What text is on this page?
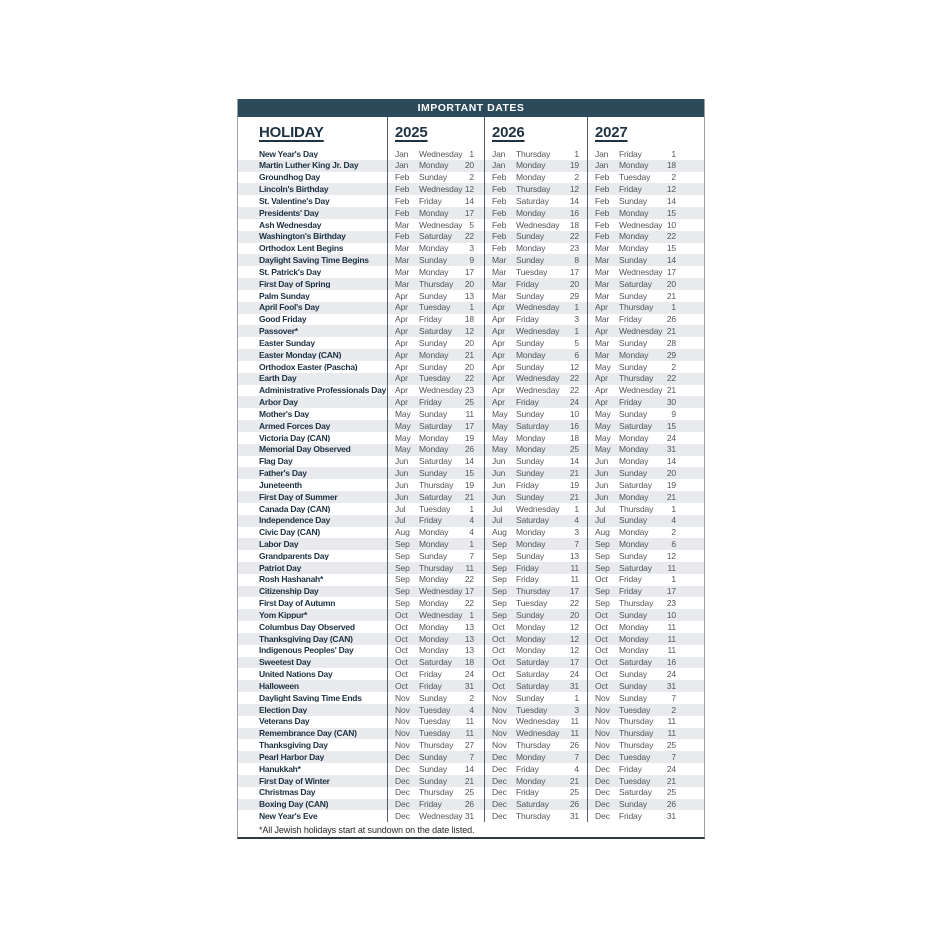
IMPORTANT DATES
HOLIDAY	2025	2026	2027
New Year's Day	Jan	Wednesday 1	Jan	Thursday	1	Jan	Friday	1
Martin Luther King Jr. Day	Jan	Monday	20	Jan	Monday	19	Jan	Monday	18
Groundhog Day	Feb	Sunday	2	Feb	Monday	2	Feb	Tuesday	2
Lincoln's Birthday	Feb	Wednesday 12	Feb	Thursday	12	Feb	Friday	12
St. Valentine's Day	Feb	Friday	14	Feb	Saturday	14	Feb	Sunday	14
Presidents' Day	Feb	Monday	17	Feb	Monday	16	Feb	Monday	15
Ash Wednesday	Mar	Wednesday 5	Feb	Wednesday	18	Feb	Wednesday 10
Washington's Birthday	Feb	Saturday	22	Feb	Sunday	22	Feb	Monday	22
Orthodox Lent Begins	Mar	Monday	3	Feb	Monday	23	Mar	Monday	15
Daylight Saving Time Begins	Mar	Sunday	9	Mar	Sunday	8	Mar	Sunday	14
St. Patrick's Day	Mar	Monday	17	Mar	Tuesday	17	Mar	Wednesday 17
First Day of Spring	Mar	Thursday	20	Mar	Friday	20	Mar	Saturday	20
Palm Sunday	Apr	Sunday	13	Mar	Sunday	29	Mar	Sunday	21
April Fool's Day	Apr	Tuesday	1	Apr	Wednesday	1	Apr	Thursday	1
Good Friday	Apr	Friday	18	Apr	Friday	3	Mar	Friday	26
Passover*	Apr	Saturday	12	Apr	Wednesday	1	Apr	Wednesday 21
Easter Sunday	Apr	Sunday	20	Apr	Sunday	5	Mar	Sunday	28
Easter Monday (CAN)	Apr	Monday	21	Apr	Monday	6	Mar	Monday	29
Orthodox Easter (Pascha)	Apr	Sunday	20	Apr	Sunday	12	May Sunday	2
Earth Day	Apr	Tuesday	22	Apr	Wednesday	22	Apr	Thursday	22
Administrative Professionals Day	Apr	Wednesday 23	Apr	Wednesday	22	Apr	Wednesday 21
Arbor Day	Apr	Friday	25	Apr	Friday	24	Apr	Friday	30
Mother's Day	May Sunday	11	May Sunday	10	May Sunday	9
Armed Forces Day	May Saturday	17	May Saturday	16	May Saturday	15
Victoria Day (CAN)	May Monday	19	May Monday	18	May Monday	24
Memorial Day Observed	May Monday	26	May Monday	25	May Monday	31
Flag Day	Jun	Saturday	14	Jun	Sunday	14	Jun	Monday	14
Father's Day	Jun	Sunday	15	Jun	Sunday	21	Jun	Sunday	20
Juneteenth	Jun	Thursday	19	Jun	Friday	19	Jun	Saturday	19
First Day of Summer	Jun	Saturday	21	Jun	Sunday	21	Jun	Monday	21
Canada Day (CAN)	Jul	Tuesday	1	Jul	Wednesday	1	Jul	Thursday	1
Independence Day	Jul	Friday	4	Jul	Saturday	4	Jul	Sunday	4
Civic Day (CAN)	Aug	Monday	4	Aug	Monday	3	Aug	Monday	2
Labor Day	Sep	Monday	1	Sep	Monday	7	Sep	Monday	6
Grandparents Day	Sep	Sunday	7	Sep	Sunday	13	Sep	Sunday	12
Patriot Day	Sep	Thursday	11	Sep	Friday	11	Sep	Saturday	11
Rosh Hashanah*	Sep	Monday	22	Sep	Friday	11	Oct	Friday	1
Citizenship Day	Sep	Wednesday 17	Sep	Thursday	17	Sep	Friday	17
First Day of Autumn	Sep	Monday	22	Sep	Tuesday	22	Sep	Thursday	23
Yom Kippur*	Oct	Wednesday 1	Sep	Sunday	20	Oct	Sunday	10
Columbus Day Observed	Oct	Monday	13	Oct	Monday	12	Oct	Monday	11
Thanksgiving Day (CAN)	Oct	Monday	13	Oct	Monday	12	Oct	Monday	11
Indigenous Peoples' Day	Oct	Monday	13	Oct	Monday	12	Oct	Monday	11
Sweetest Day	Oct	Saturday	18	Oct	Saturday	17	Oct	Saturday	16
United Nations Day	Oct	Friday	24	Oct	Saturday	24	Oct	Sunday	24
Halloween	Oct	Friday	31	Oct	Saturday	31	Oct	Sunday	31
Daylight Saving Time Ends	Nov	Sunday	2	Nov	Sunday	1	Nov	Sunday	7
Election Day	Nov	Tuesday	4	Nov	Tuesday	3	Nov	Tuesday	2
Veterans Day	Nov	Tuesday	11	Nov	Wednesday	11	Nov	Thursday	11
Remembrance Day (CAN)	Nov	Tuesday	11	Nov	Wednesday	11	Nov	Thursday	11
Thanksgiving Day	Nov	Thursday	27	Nov	Thursday	26	Nov	Thursday	25
Pearl Harbor Day	Dec	Sunday	7	Dec	Monday	7	Dec	Tuesday	7
Hanukkah*	Dec	Sunday	14	Dec	Friday	4	Dec	Friday	24
First Day of Winter	Dec	Sunday	21	Dec	Monday	21	Dec	Tuesday	21
Christmas Day	Dec	Thursday	25	Dec	Friday	25	Dec	Saturday	25
Boxing Day (CAN)	Dec	Friday	26	Dec	Saturday	26	Dec	Sunday	26
New Year's Eve	Dec	Wednesday 31	Dec	Thursday	31	Dec	Friday	31
*All Jewish holidays start at sundown on the date listed.
